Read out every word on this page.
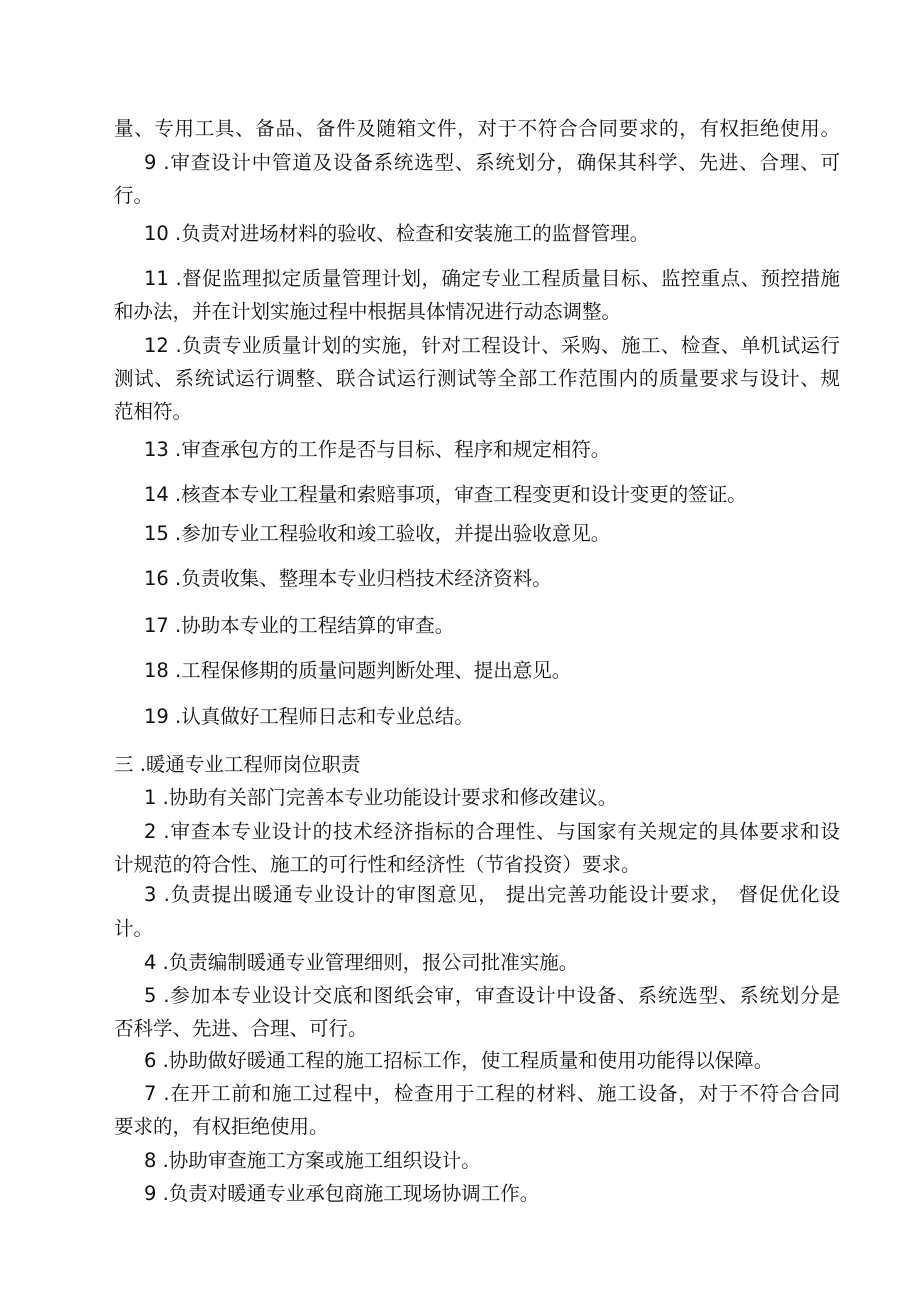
量、专用工具、备品、备件及随箱文件，对于不符合合同要求的，有权拒绝使用。
9 .审查设计中管道及设备系统选型、系统划分，确保其科学、先进、合理、可
行。
10 .负责对进场材料的验收、检查和安装施工的监督管理。
11 .督促监理拟定质量管理计划，确定专业工程质量目标、监控重点、预控措施
和办法，并在计划实施过程中根据具体情况进行动态调整。
12 .负责专业质量计划的实施，针对工程设计、采购、施工、检查、单机试运行
测试、系统试运行调整、联合试运行测试等全部工作范围内的质量要求与设计、规
范相符。
13 .审查承包方的工作是否与目标、程序和规定相符。
14 .核查本专业工程量和索赔事项，审查工程变更和设计变更的签证。
15 .参加专业工程验收和竣工验收，并提出验收意见。
16 .负责收集、整理本专业归档技术经济资料。
17 .协助本专业的工程结算的审查。
18 .工程保修期的质量问题判断处理、提出意见。
19 .认真做好工程师日志和专业总结。
三 .暖通专业工程师岗位职责
1 .协助有关部门完善本专业功能设计要求和修改建议。
2 .审查本专业设计的技术经济指标的合理性、与国家有关规定的具体要求和设
计规范的符合性、施工的可行性和经济性（节省投资）要求。
3 .负责提出暖通专业设计的审图意见， 提出完善功能设计要求， 督促优化设
计。
4 .负责编制暖通专业管理细则，报公司批准实施。
5 .参加本专业设计交底和图纸会审，审查设计中设备、系统选型、系统划分是
否科学、先进、合理、可行。
6 .协助做好暖通工程的施工招标工作，使工程质量和使用功能得以保障。
7 .在开工前和施工过程中，检查用于工程的材料、施工设备，对于不符合合同
要求的，有权拒绝使用。
8 .协助审查施工方案或施工组织设计。
9 .负责对暖通专业承包商施工现场协调工作。
